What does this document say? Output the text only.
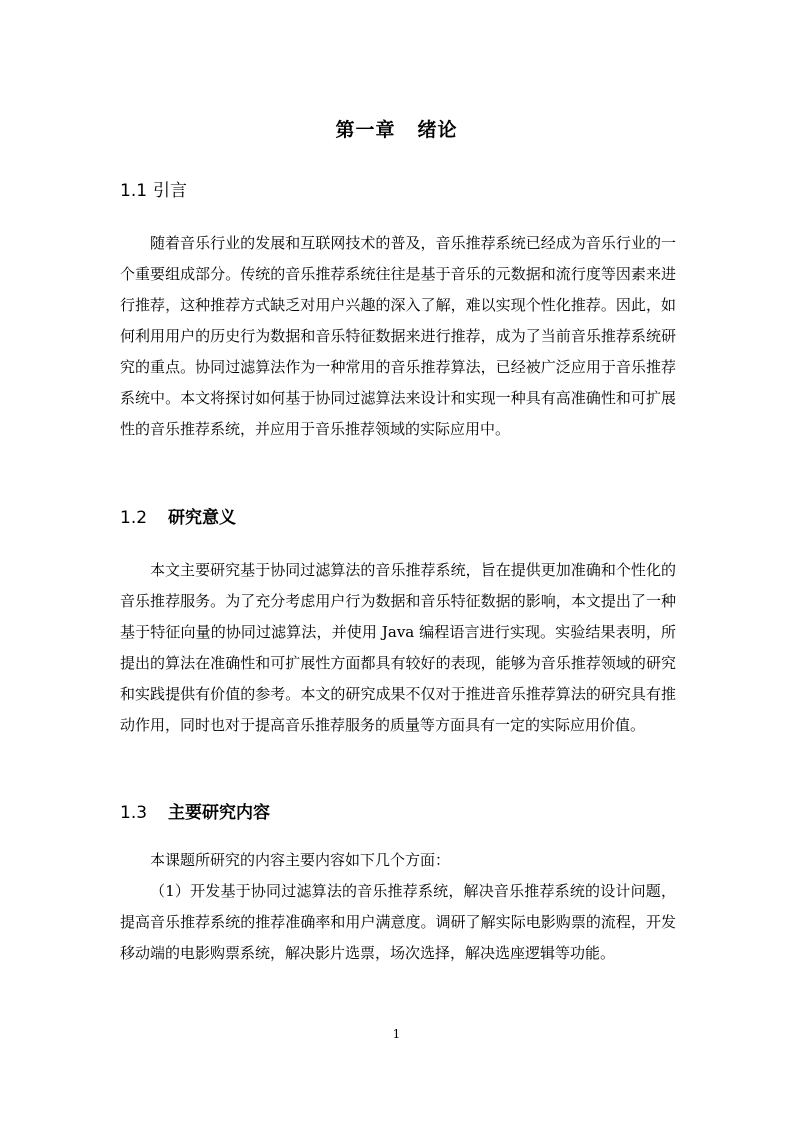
第一章 绪论
1.1 引言
随着音乐行业的发展和互联网技术的普及，音乐推荐系统已经成为音乐行业的一个重要组成部分。传统的音乐推荐系统往往是基于音乐的元数据和流行度等因素来进行推荐，这种推荐方式缺乏对用户兴趣的深入了解，难以实现个性化推荐。因此，如何利用用户的历史行为数据和音乐特征数据来进行推荐，成为了当前音乐推荐系统研究的重点。协同过滤算法作为一种常用的音乐推荐算法，已经被广泛应用于音乐推荐系统中。本文将探讨如何基于协同过滤算法来设计和实现一种具有高准确性和可扩展性的音乐推荐系统，并应用于音乐推荐领域的实际应用中。
1.2 研究意义
本文主要研究基于协同过滤算法的音乐推荐系统，旨在提供更加准确和个性化的音乐推荐服务。为了充分考虑用户行为数据和音乐特征数据的影响，本文提出了一种基于特征向量的协同过滤算法，并使用 Java 编程语言进行实现。实验结果表明，所提出的算法在准确性和可扩展性方面都具有较好的表现，能够为音乐推荐领域的研究和实践提供有价值的参考。本文的研究成果不仅对于推进音乐推荐算法的研究具有推动作用，同时也对于提高音乐推荐服务的质量等方面具有一定的实际应用价值。
1.3 主要研究内容
本课题所研究的内容主要内容如下几个方面：
（1）开发基于协同过滤算法的音乐推荐系统，解决音乐推荐系统的设计问题，提高音乐推荐系统的推荐准确率和用户满意度。调研了解实际电影购票的流程，开发移动端的电影购票系统，解决影片选票，场次选择，解决选座逻辑等功能。
1
